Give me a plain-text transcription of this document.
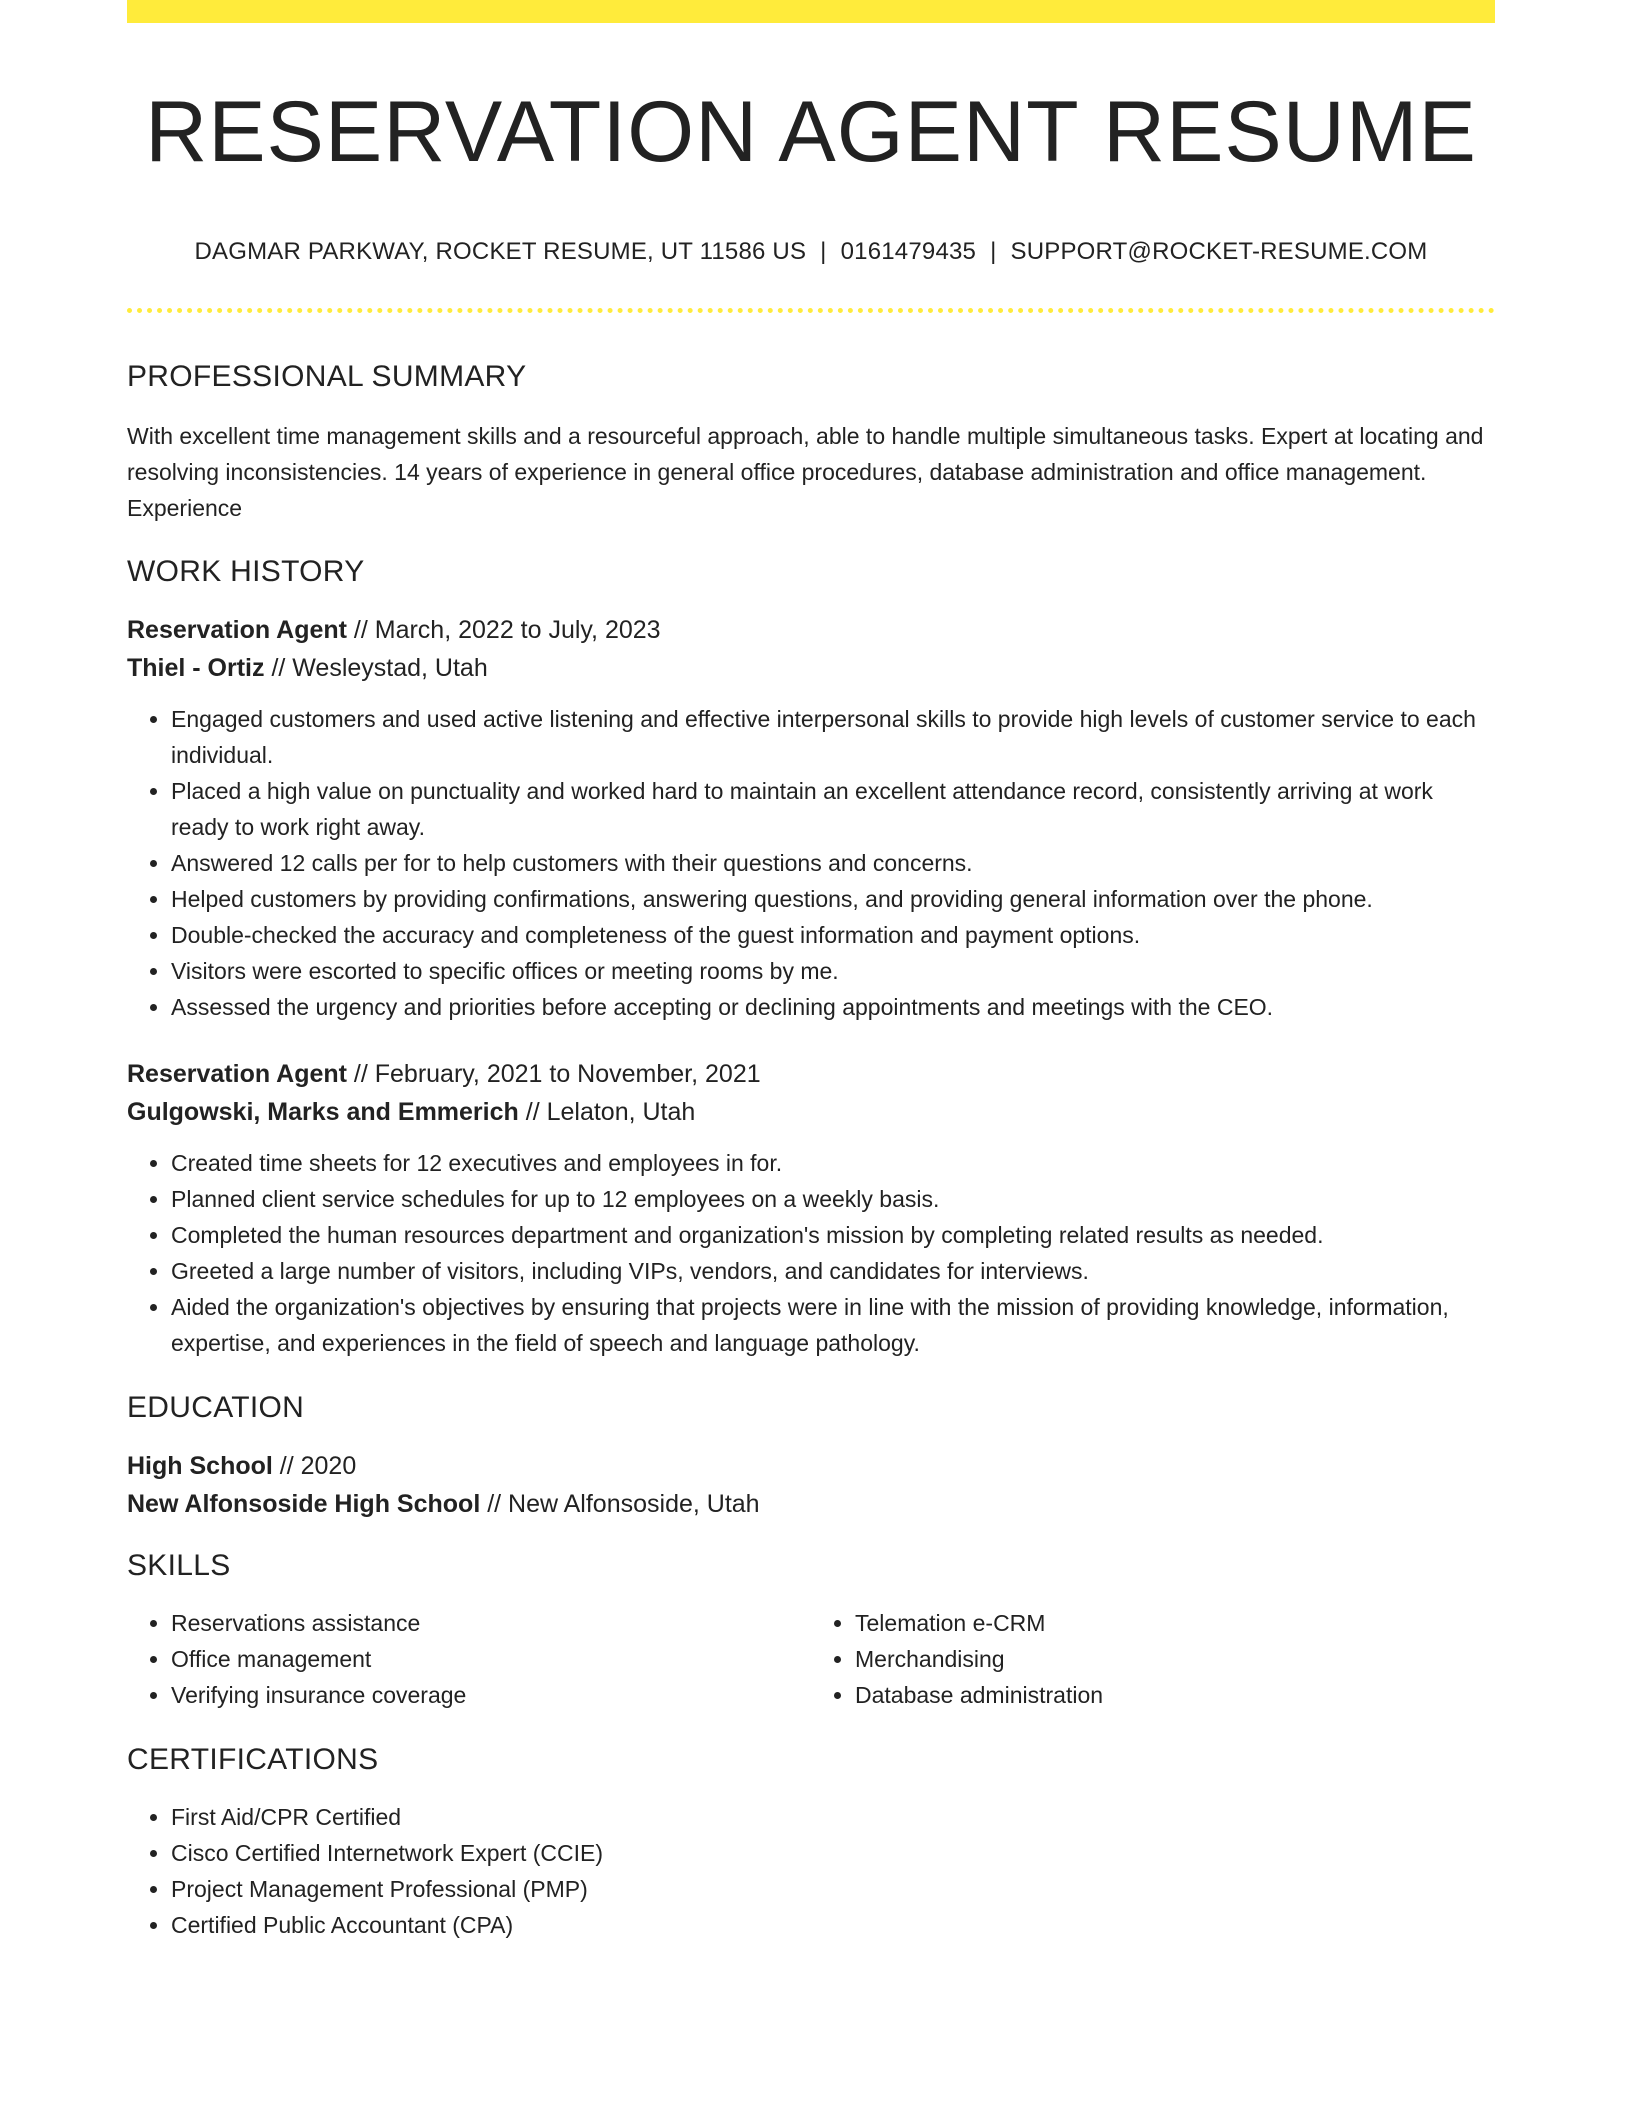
RESERVATION AGENT RESUME
DAGMAR PARKWAY, ROCKET RESUME, UT 11586 US | 0161479435 | SUPPORT@ROCKET-RESUME.COM
PROFESSIONAL SUMMARY

With excellent time management skills and a resourceful approach, able to handle multiple simultaneous tasks. Expert at locating and resolving inconsistencies. 14 years of experience in general office procedures, database administration and office management. Experience

WORK HISTORY

Reservation Agent // March, 2022 to July, 2023

Thiel - Ortiz // Wesleystad, Utah

• Engaged customers and used active listening and effective interpersonal skills to provide high levels of customer service to each individual.
• Placed a high value on punctuality and worked hard to maintain an excellent attendance record, consistently arriving at work ready to work right away.
• Answered 12 calls per for to help customers with their questions and concerns.
• Helped customers by providing confirmations, answering questions, and providing general information over the phone.
• Double-checked the accuracy and completeness of the guest information and payment options.
• Visitors were escorted to specific offices or meeting rooms by me.
• Assessed the urgency and priorities before accepting or declining appointments and meetings with the CEO.

Reservation Agent // February, 2021 to November, 2021

Gulgowski, Marks and Emmerich // Lelaton, Utah

• Created time sheets for 12 executives and employees in for.
• Planned client service schedules for up to 12 employees on a weekly basis.
• Completed the human resources department and organization's mission by completing related results as needed.
• Greeted a large number of visitors, including VIPs, vendors, and candidates for interviews.
• Aided the organization's objectives by ensuring that projects were in line with the mission of providing knowledge, information, expertise, and experiences in the field of speech and language pathology.
EDUCATION

High School // 2020

New Alfonsoside High School // New Alfonsoside, Utah

SKILLS
• Reservations assistance
• Office management
• Verifying insurance coverage
• Telemation e-CRM
• Merchandising
• Database administration
CERTIFICATIONS
• First Aid/CPR Certified
• Cisco Certified Internetwork Expert (CCIE)
• Project Management Professional (PMP)
• Certified Public Accountant (CPA)
